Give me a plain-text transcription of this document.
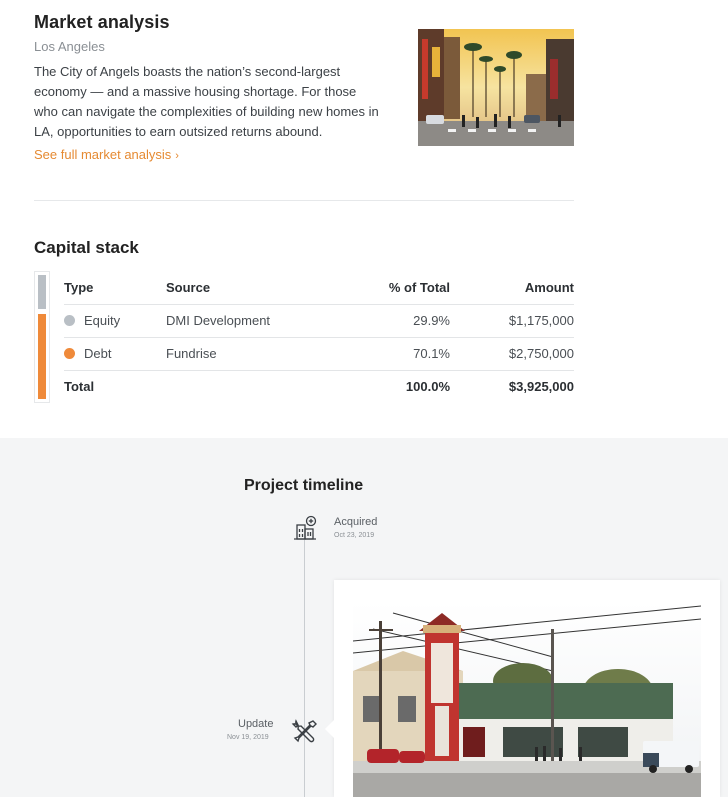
Market analysis
Los Angeles

The City of Angels boasts the nation’s second-largest economy — and a massive housing shortage. For those who can navigate the complexities of building new homes in LA, opportunities to earn outsized returns abound.

See full market analysis ›
Capital stack
Type	Source	% of Total	Amount
Equity	DMI Development	29.9%	$1,175,000
Debt	Fundrise	70.1%	$2,750,000
Total		100.0%	$3,925,000
Project timeline
Acquired
Oct 23, 2019
Update
Nov 19, 2019
